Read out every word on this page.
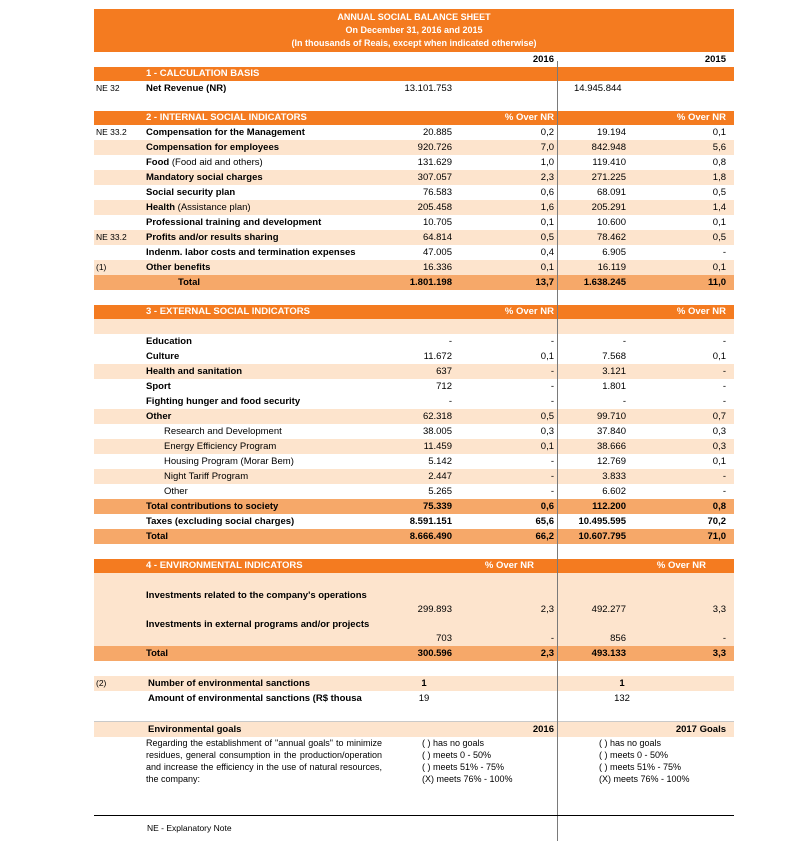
ANNUAL SOCIAL BALANCE SHEET
On December 31, 2016 and 2015
(In thousands of Reais, except when indicated otherwise)
2016	2015
1 - CALCULATION BASIS
NE 32	Net Revenue (NR)	13.101.753	14.945.844
2 - INTERNAL SOCIAL INDICATORS	% Over NR	% Over NR
NE 33.2 Compensation for the Management	20.885	0,2	19.194	0,1
Compensation for employees	920.726	7,0	842.948	5,6
Food (Food aid and others)	131.629	1,0	119.410	0,8
Mandatory social charges	307.057	2,3	271.225	1,8
Social security plan	76.583	0,6	68.091	0,5
Health (Assistance plan)	205.458	1,6	205.291	1,4
Professional training and development	10.705	0,1	10.600	0,1
NE 33.2 Profits and/or results sharing	64.814	0,5	78.462	0,5
Indenm. labor costs and termination expenses	47.005	0,4	6.905	-
(1)	Other benefits	16.336	0,1	16.119	0,1
Total	1.801.198	13,7	1.638.245	11,0
3 - EXTERNAL SOCIAL INDICATORS	% Over NR	% Over NR
Education	-	-	-	-
Culture	11.672	0,1	7.568	0,1
Health and sanitation	637	-	3.121	-
Sport	712	-	1.801	-
Fighting hunger and food security	-	-	-	-
Other	62.318	0,5	99.710	0,7
Research and Development	38.005	0,3	37.840	0,3
Energy Efficiency Program	11.459	0,1	38.666	0,3
Housing Program (Morar Bem)	5.142	-	12.769	0,1
Night Tariff Program	2.447	-	3.833	-
Other	5.265	-	6.602	-
Total contributions to society	75.339	0,6	112.200	0,8
Taxes (excluding social charges)	8.591.151	65,6	10.495.595	70,2
Total	8.666.490	66,2	10.607.795	71,0
4 - ENVIRONMENTAL INDICATORS	% Over NR	% Over NR
Investments related to the company's operations
299.893	2,3	492.277	3,3
Investments in external programs and/or projects
703	-	856	-
Total	300.596	2,3	493.133	3,3
(2)	Number of environmental sanctions	1	1
Amount of environmental sanctions (R$ thousa	19	132
Environmental goals	2016	2017 Goals
Regarding the establishment of "annual goals" to minimize residues, general consumption in the production/operation and increase the efficiency in the use of natural resources, the company:
( ) has no goals
( ) meets 0 - 50%
( ) meets 51% - 75%
(X) meets 76% - 100%
( ) has no goals
( ) meets 0 - 50%
( ) meets 51% - 75%
(X) meets 76% - 100%
NE - Explanatory Note
